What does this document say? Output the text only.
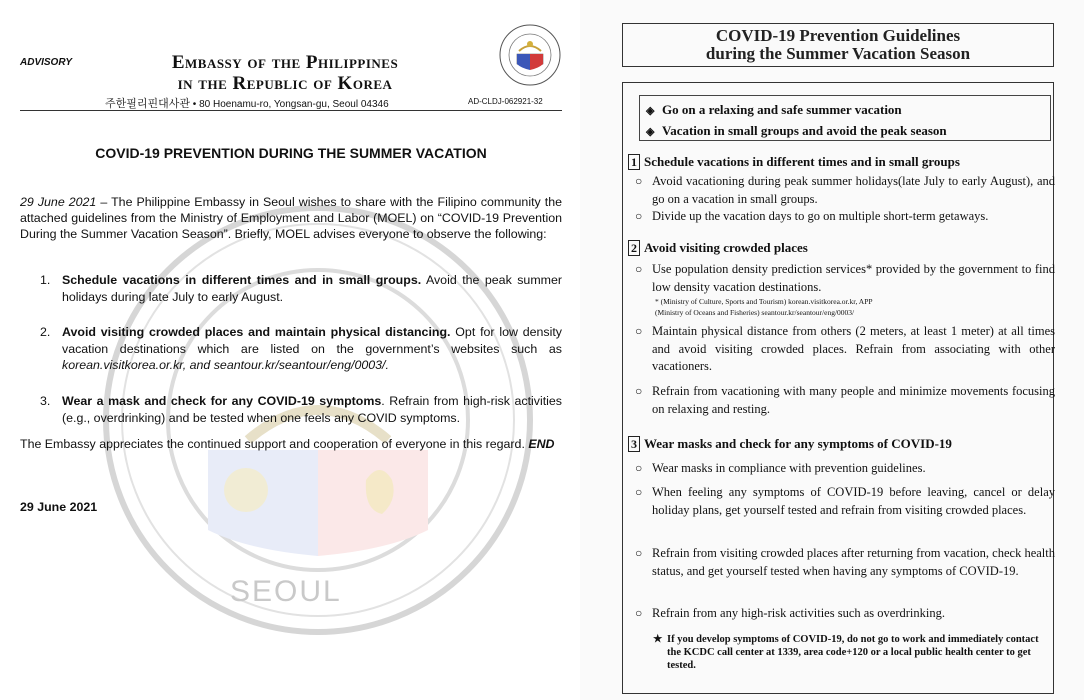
SEOUL
ADVISORY	Embassy of the Philippines
in the Republic of Korea
주한필리핀대사관 • 80 Hoenamu-ro, Yongsan-gu, Seoul 04346	AD-CLDJ-062921-32
COVID-19 PREVENTION DURING THE SUMMER VACATION

29 June 2021 – The Philippine Embassy in Seoul wishes to share with the Filipino community the attached guidelines from the Ministry of Employment and Labor (MOEL) on “COVID-19 Prevention During the Summer Vacation Season”. Briefly, MOEL advises everyone to observe the following:

1. Schedule vacations in different times and in small groups. Avoid the peak summer holidays during late July to early August.
2. Avoid visiting crowded places and maintain physical distancing. Opt for low density vacation destinations which are listed on the government’s websites such as korean.visitkorea.or.kr, and seantour.kr/seantour/eng/0003/.
3. Wear a mask and check for any COVID-19 symptoms. Refrain from high-risk activities (e.g., overdrinking) and be tested when one feels any COVID symptoms.

The Embassy appreciates the continued support and cooperation of everyone in this regard. END

29 June 2021
COVID-19 Prevention Guidelines
during the Summer Vacation Season
◈ Go on a relaxing and safe summer vacation
◈ Vacation in small groups and avoid the peak season
1 Schedule vacations in different times and in small groups
○ Avoid vacationing during peak summer holidays(late July to early August), and go on a vacation in small groups.
○ Divide up the vacation days to go on multiple short-term getaways.
2 Avoid visiting crowded places
○ Use population density prediction services* provided by the government to find low density vacation destinations.
* (Ministry of Culture, Sports and Tourism) korean.visitkorea.or.kr, APP
(Ministry of Oceans and Fisheries) seantour.kr/seantour/eng/0003/
○ Maintain physical distance from others (2 meters, at least 1 meter) at all times and avoid visiting crowded places. Refrain from associating with other vacationers.
○ Refrain from vacationing with many people and minimize movements focusing on relaxing and resting.
3 Wear masks and check for any symptoms of COVID-19
○ Wear masks in compliance with prevention guidelines.
○ When feeling any symptoms of COVID-19 before leaving, cancel or delay holiday plans, get yourself tested and refrain from visiting crowded places.
○ Refrain from visiting crowded places after returning from vacation, check health status, and get yourself tested when having any symptoms of COVID-19.
○ Refrain from any high-risk activities such as overdrinking.
★ If you develop symptoms of COVID-19, do not go to work and immediately contact the KCDC call center at 1339, area code+120 or a local public health center to get tested.
